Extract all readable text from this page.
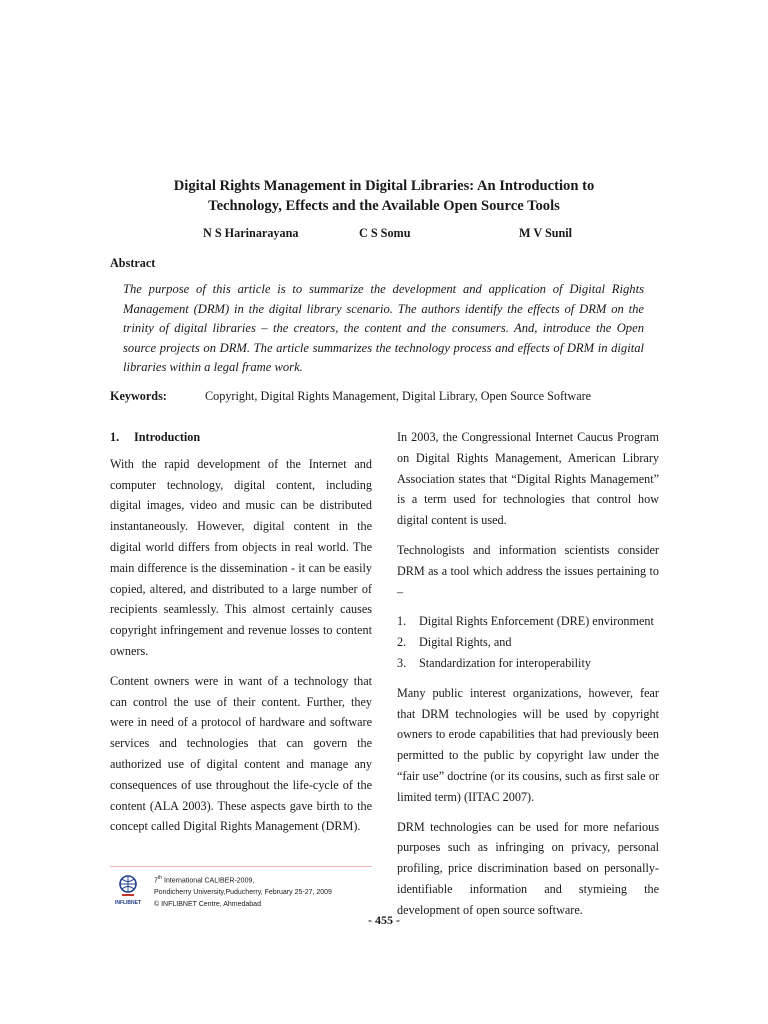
Digital Rights Management in Digital Libraries: An Introduction to
Technology, Effects and the Available Open Source Tools
N S Harinarayana	C S Somu	M V Sunil
Abstract
The purpose of this article is to summarize the development and application of Digital Rights Management (DRM) in the digital library scenario. The authors identify the effects of DRM on the trinity of digital libraries – the creators, the content and the consumers. And, introduce the Open source projects on DRM. The article summarizes the technology process and effects of DRM in digital libraries within a legal frame work.
Keywords:	Copyright, Digital Rights Management, Digital Library, Open Source Software
1. Introduction

With the rapid development of the Internet and computer technology, digital content, including digital images, video and music can be distributed instantaneously. However, digital content in the digital world differs from objects in real world. The main difference is the dissemination - it can be easily copied, altered, and distributed to a large number of recipients seamlessly. This almost certainly causes copyright infringement and revenue losses to content owners.

Content owners were in want of a technology that can control the use of their content. Further, they were in need of a protocol of hardware and software services and technologies that can govern the authorized use of digital content and manage any consequences of use throughout the life-cycle of the content (ALA 2003). These aspects gave birth to the concept called Digital Rights Management (DRM).

In 2003, the Congressional Internet Caucus Program on Digital Rights Management, American Library Association states that “Digital Rights Management” is a term used for technologies that control how digital content is used.

Technologists and information scientists consider DRM as a tool which address the issues pertaining to –

1.	Digital Rights Enforcement (DRE) environment
2.	Digital Rights, and
3.	Standardization for interoperability

Many public interest organizations, however, fear that DRM technologies will be used by copyright owners to erode capabilities that had previously been permitted to the public by copyright law under the “fair use” doctrine (or its cousins, such as first sale or limited term) (IITAC 2007).

DRM technologies can be used for more nefarious purposes such as infringing on privacy, personal profiling, price discrimination based on personally-identifiable information and stymieing the development of open source software.

INFLIBNET
7th International CALIBER-2009,
Pondicherry University,Puducherry, February 25-27, 2009
© INFLIBNET Centre, Ahmedabad
- 455 -
